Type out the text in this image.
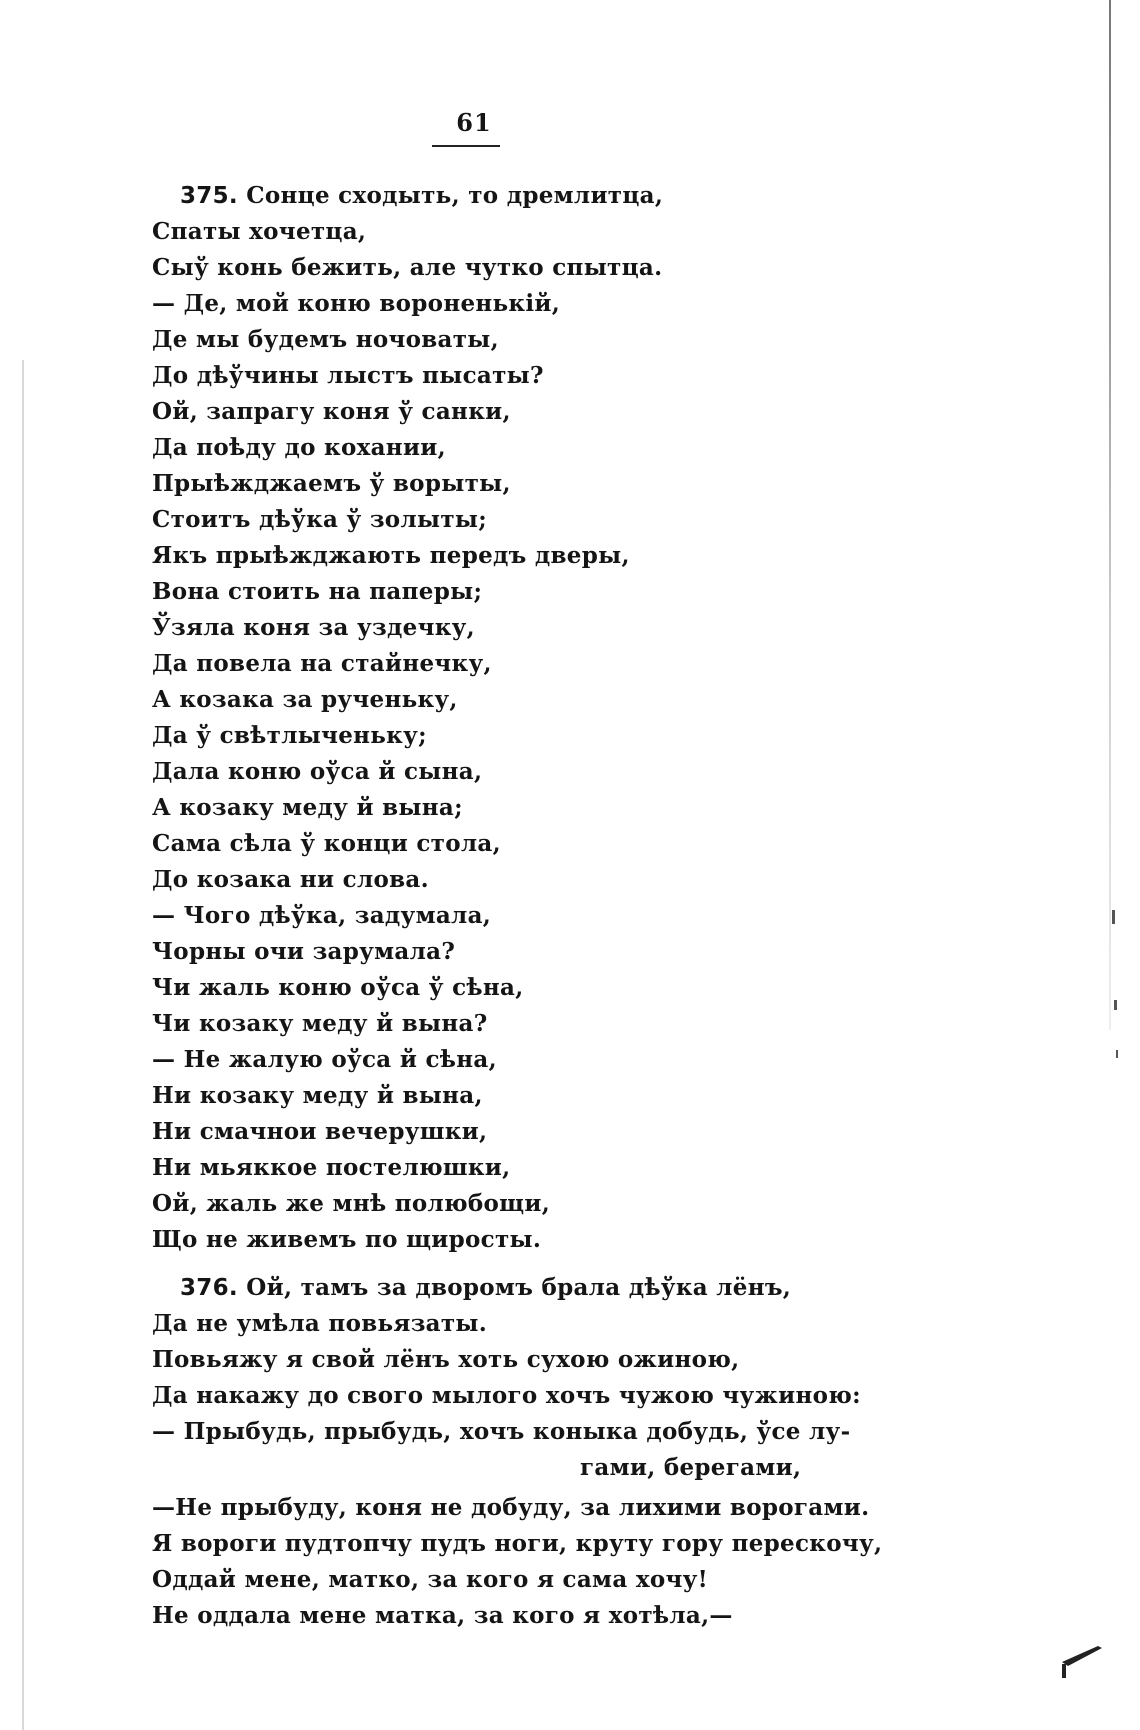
61
375. Сонце сходыть, то дремлитца,
Спаты хочетца,
Сыў конь бежить, але чутко спытца.
— Де, мой коню вороненькій,
Де мы будемъ ночоваты,
До дѣўчины лыстъ пысаты?
Ой, запрагу коня ў санки,
Да поѣду до кохании,
Прыѣжджаемъ ў ворыты,
Стоитъ дѣўка ў золыты;
Якъ прыѣжджають передъ дверы,
Вона стоить на паперы;
Ўзяла коня за уздечку,
Да повела на стайнечку,
А козака за рученьку,
Да ў свѣтлыченьку;
Дала коню оўса й сына,
А козаку меду й вына;
Сама сѣла ў конци стола,
До козака ни слова.
— Чого дѣўка, задумала,
Чорны очи зарумала?
Чи жаль коню оўса ў сѣна,
Чи козаку меду й вына?
— Не жалую оўса й сѣна,
Ни козаку меду й вына,
Ни смачнои вечерушки,
Ни мьяккое постелюшки,
Ой, жаль же мнѣ полюбощи,
Що не живемъ по щиросты.
376. Ой, тамъ за дворомъ брала дѣўка лёнъ,
Да не умѣла повьязаты.
Повьяжу я свой лёнъ хоть сухою ожиною,
Да накажу до свого мылого хочъ чужою чужиною:
— Прыбудь, прыбудь, хочъ коныка добудь, ўсе лу-
гами, берегами,
—Не прыбуду, коня не добуду, за лихими ворогами.
Я вороги пудтопчу пудъ ноги, круту гору перескочу,
Оддай мене, матко, за кого я сама хочу!
Не оддала мене матка, за кого я хотѣла,—
